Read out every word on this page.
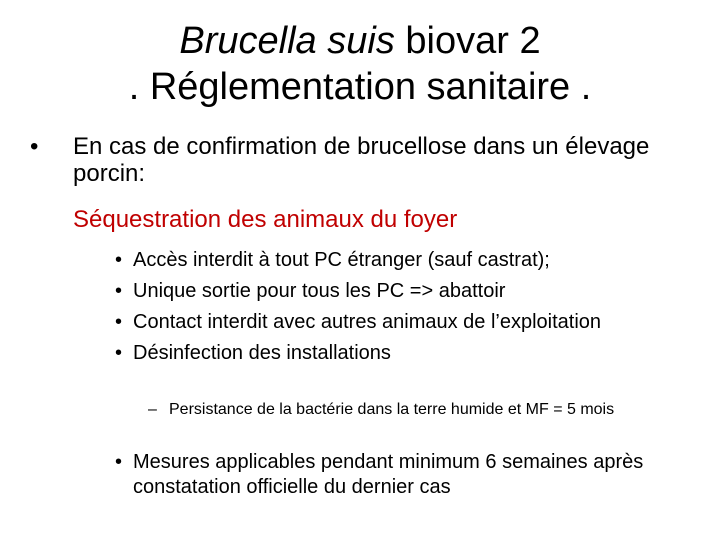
Brucella suis biovar 2
. Réglementation sanitaire .
• En cas de confirmation de brucellose dans un élevage porcin:
Séquestration des animaux du foyer
• Accès interdit à tout PC étranger (sauf castrat);
• Unique sortie pour tous les PC => abattoir
• Contact interdit avec autres animaux de l’exploitation
• Désinfection des installations
– Persistance de la bactérie dans la terre humide et MF = 5 mois
• Mesures applicables pendant minimum 6 semaines après constatation officielle du dernier cas
